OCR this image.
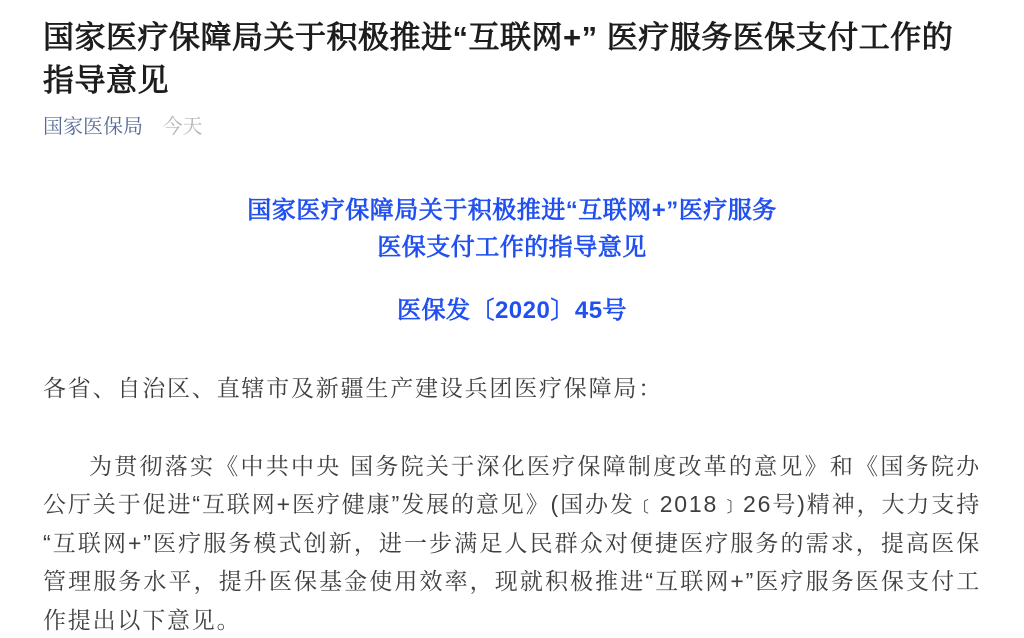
国家医疗保障局关于积极推进“互联网+” 医疗服务医保支付工作的指导意见
国家医保局 今天
国家医疗保障局关于积极推进“互联网+”医疗服务
医保支付工作的指导意见
医保发〔2020〕45号

各省、自治区、直辖市及新疆生产建设兵团医疗保障局：

为贯彻落实《中共中央 国务院关于深化医疗保障制度改革的意见》和《国务院办公厅关于促进“互联网+医疗健康”发展的意见》(国办发﹝2018﹞26号)精神，大力支持“互联网+”医疗服务模式创新，进一步满足人民群众对便捷医疗服务的需求，提高医保管理服务水平，提升医保基金使用效率，现就积极推进“互联网+”医疗服务医保支付工作提出以下意见。
